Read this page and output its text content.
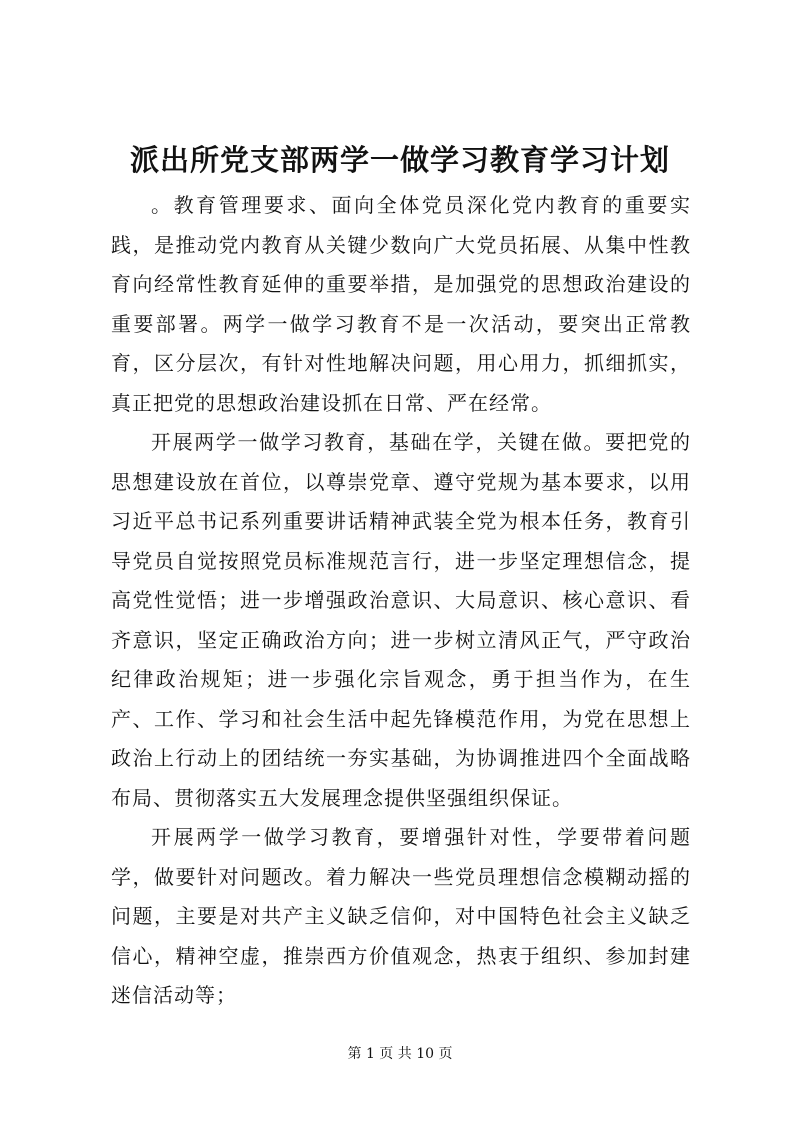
派出所党支部两学一做学习教育学习计划

。教育管理要求、面向全体党员深化党内教育的重要实践，是推动党内教育从关键少数向广大党员拓展、从集中性教育向经常性教育延伸的重要举措，是加强党的思想政治建设的重要部署。两学一做学习教育不是一次活动，要突出正常教育，区分层次，有针对性地解决问题，用心用力，抓细抓实，真正把党的思想政治建设抓在日常、严在经常。

开展两学一做学习教育，基础在学，关键在做。要把党的思想建设放在首位，以尊崇党章、遵守党规为基本要求，以用习近平总书记系列重要讲话精神武装全党为根本任务，教育引导党员自觉按照党员标准规范言行，进一步坚定理想信念，提高党性觉悟；进一步增强政治意识、大局意识、核心意识、看齐意识，坚定正确政治方向；进一步树立清风正气，严守政治纪律政治规矩；进一步强化宗旨观念，勇于担当作为，在生产、工作、学习和社会生活中起先锋模范作用，为党在思想上政治上行动上的团结统一夯实基础，为协调推进四个全面战略布局、贯彻落实五大发展理念提供坚强组织保证。

开展两学一做学习教育，要增强针对性，学要带着问题学，做要针对问题改。着力解决一些党员理想信念模糊动摇的问题，主要是对共产主义缺乏信仰，对中国特色社会主义缺乏信心，精神空虚，推崇西方价值观念，热衷于组织、参加封建迷信活动等；

第 1 页 共 10 页
